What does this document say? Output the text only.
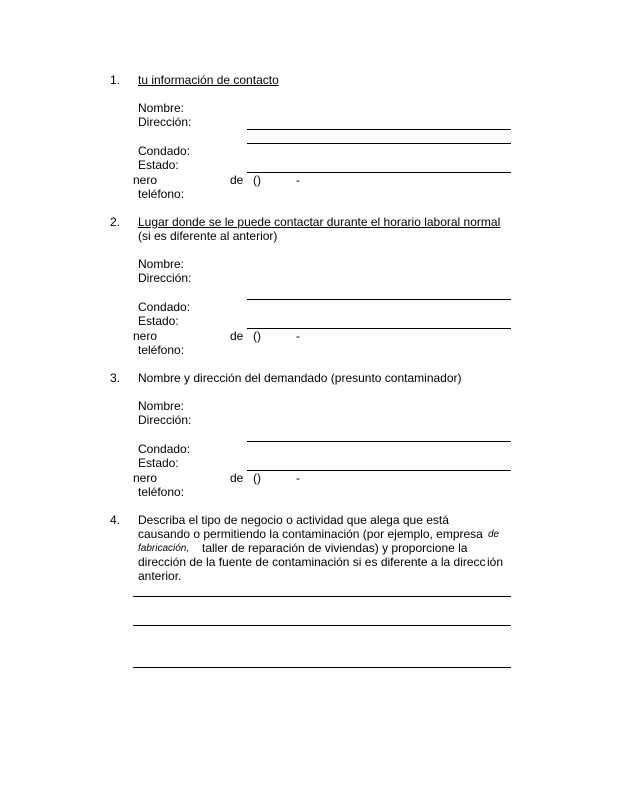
1. tu información de contacto
Nombre:
Dirección:
Condado:
Estado:
nero	de ()	-
teléfono:
2. Lugar donde se le puede contactar durante el horario laboral normal
(si es diferente al anterior)
Nombre:
Dirección:
Condado:
Estado:
nero	de ()	-
teléfono:
3. Nombre y dirección del demandado (presunto contaminador)
Nombre:
Dirección:
Condado:
Estado:
nero	de ()	-
teléfono:
4. Describa el tipo de negocio o actividad que alega que está
causando o permitiendo la contaminación (por ejemplo, empresa de
fabricación, taller de reparación de viviendas) y proporcione la
dirección de la fuente de contaminación si es diferente a la direcc ión
anterior.
